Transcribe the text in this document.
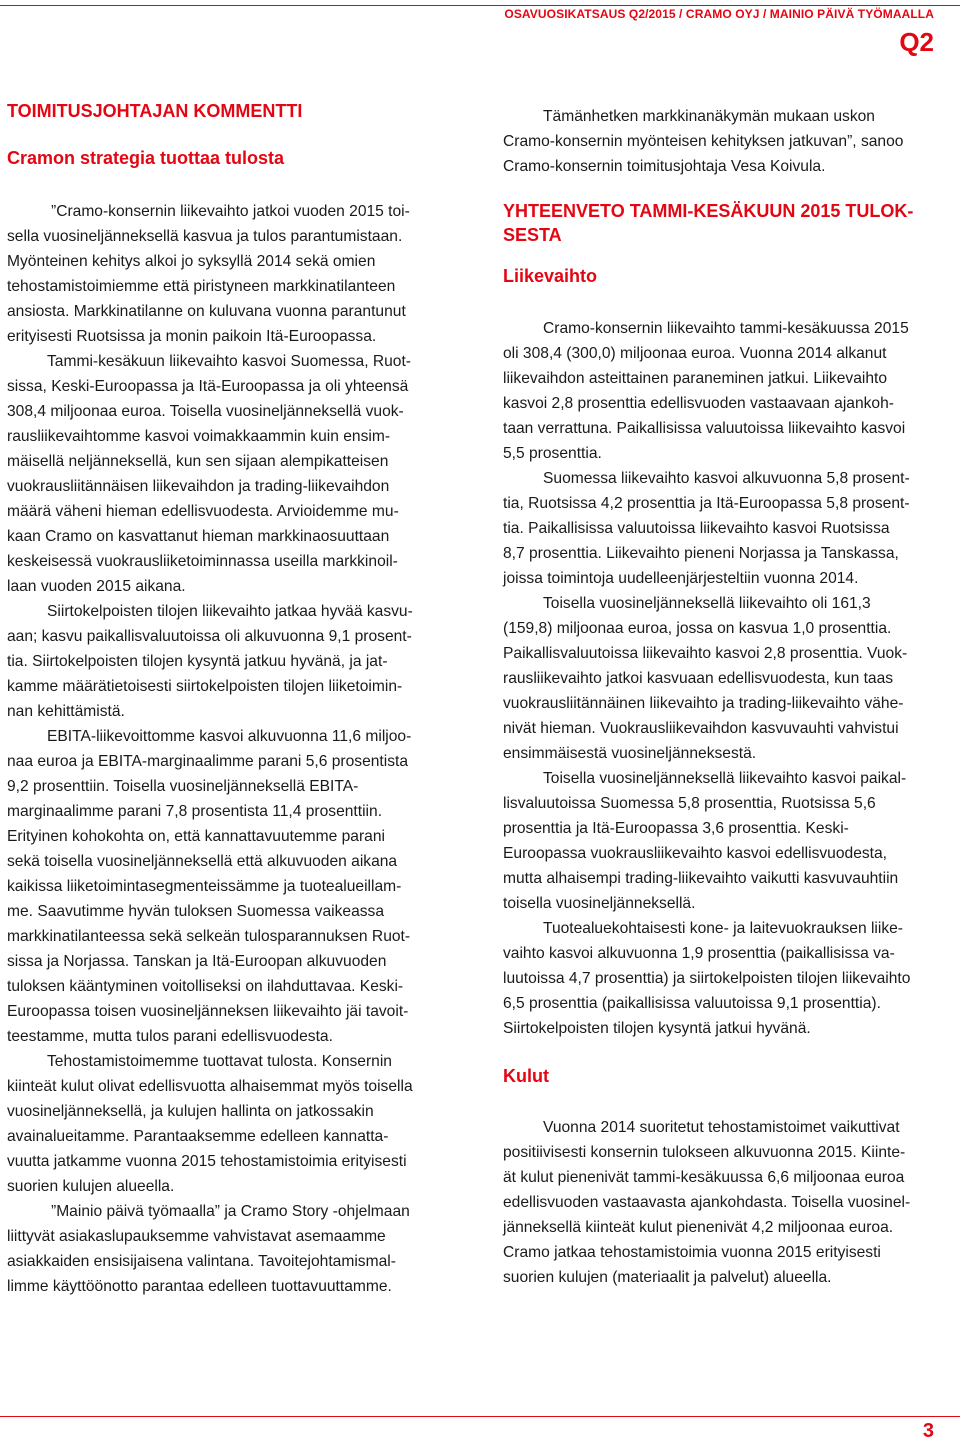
OSAVUOSIKATSAUS Q2/2015 / CRAMO OYJ / MAINIO PÄIVÄ TYÖMAALLA
Q2
TOIMITUSJOHTAJAN KOMMENTTI
Cramon strategia tuottaa tulosta
”Cramo-konsernin liikevaihto jatkoi vuoden 2015 toi-
sella vuosineljänneksellä kasvua ja tulos parantumistaan.
Myönteinen kehitys alkoi jo syksyllä 2014 sekä omien
tehostamistoimiemme että piristyneen markkinatilanteen
ansiosta. Markkinatilanne on kuluvana vuonna parantunut
erityisesti Ruotsissa ja monin paikoin Itä-Euroopassa.
Tammi-kesäkuun liikevaihto kasvoi Suomessa, Ruot-
sissa, Keski-Euroopassa ja Itä-Euroopassa ja oli yhteensä
308,4 miljoonaa euroa. Toisella vuosineljänneksellä vuok-
rausliikevaihtomme kasvoi voimakkaammin kuin ensim-
mäisellä neljänneksellä, kun sen sijaan alempikatteisen
vuokrausliitännäisen liikevaihdon ja trading-liikevaihdon
määrä väheni hieman edellisvuodesta. Arvioidemme mu-
kaan Cramo on kasvattanut hieman markkinaosuuttaan
keskeisessä vuokrausliiketoiminnassa useilla markkinoil-
laan vuoden 2015 aikana.
Siirtokelpoisten tilojen liikevaihto jatkaa hyvää kasvu-
aan; kasvu paikallisvaluutoissa oli alkuvuonna 9,1 prosent-
tia. Siirtokelpoisten tilojen kysyntä jatkuu hyvänä, ja jat-
kamme määrätietoisesti siirtokelpoisten tilojen liiketoimin-
nan kehittämistä.
EBITA-liikevoittomme kasvoi alkuvuonna 11,6 miljoo-
naa euroa ja EBITA-marginaalimme parani 5,6 prosentista
9,2 prosenttiin. Toisella vuosineljänneksellä EBITA-
marginaalimme parani 7,8 prosentista 11,4 prosenttiin.
Erityinen kohokohta on, että kannattavuutemme parani
sekä toisella vuosineljänneksellä että alkuvuoden aikana
kaikissa liiketoimintasegmenteissämme ja tuotealueillam-
me. Saavutimme hyvän tuloksen Suomessa vaikeassa
markkinatilanteessa sekä selkeän tulosparannuksen Ruot-
sissa ja Norjassa. Tanskan ja Itä-Euroopan alkuvuoden
tuloksen kääntyminen voitolliseksi on ilahduttavaa. Keski-
Euroopassa toisen vuosineljänneksen liikevaihto jäi tavoit-
teestamme, mutta tulos parani edellisvuodesta.
Tehostamistoimemme tuottavat tulosta. Konsernin
kiinteät kulut olivat edellisvuotta alhaisemmat myös toisella
vuosineljänneksellä, ja kulujen hallinta on jatkossakin
avainalueitamme. Parantaaksemme edelleen kannatta-
vuutta jatkamme vuonna 2015 tehostamistoimia erityisesti
suorien kulujen alueella.
”Mainio päivä työmaalla” ja Cramo Story -ohjelmaan
liittyvät asiakaslupauksemme vahvistavat asemaamme
asiakkaiden ensisijaisena valintana. Tavoitejohtamismal-
limme käyttöönotto parantaa edelleen tuottavuuttamme.
Tämänhetken markkinanäkymän mukaan uskon
Cramo-konsernin myönteisen kehityksen jatkuvan”, sanoo
Cramo-konsernin toimitusjohtaja Vesa Koivula.
YHTEENVETO TAMMI-KESÄKUUN 2015 TULOK-
SESTA
Liikevaihto
Cramo-konsernin liikevaihto tammi-kesäkuussa 2015
oli 308,4 (300,0) miljoonaa euroa. Vuonna 2014 alkanut
liikevaihdon asteittainen paraneminen jatkui. Liikevaihto
kasvoi 2,8 prosenttia edellisvuoden vastaavaan ajankoh-
taan verrattuna. Paikallisissa valuutoissa liikevaihto kasvoi
5,5 prosenttia.
Suomessa liikevaihto kasvoi alkuvuonna 5,8 prosent-
tia, Ruotsissa 4,2 prosenttia ja Itä-Euroopassa 5,8 prosent-
tia. Paikallisissa valuutoissa liikevaihto kasvoi Ruotsissa
8,7 prosenttia. Liikevaihto pieneni Norjassa ja Tanskassa,
joissa toimintoja uudelleenjärjesteltiin vuonna 2014.
Toisella vuosineljänneksellä liikevaihto oli 161,3
(159,8) miljoonaa euroa, jossa on kasvua 1,0 prosenttia.
Paikallisvaluutoissa liikevaihto kasvoi 2,8 prosenttia. Vuok-
rausliikevaihto jatkoi kasvuaan edellisvuodesta, kun taas
vuokrausliitännäinen liikevaihto ja trading-liikevaihto vähe-
nivät hieman. Vuokrausliikevaihdon kasvuvauhti vahvistui
ensimmäisestä vuosineljänneksestä.
Toisella vuosineljänneksellä liikevaihto kasvoi paikal-
lisvaluutoissa Suomessa 5,8 prosenttia, Ruotsissa 5,6
prosenttia ja Itä-Euroopassa 3,6 prosenttia. Keski-
Euroopassa vuokrausliikevaihto kasvoi edellisvuodesta,
mutta alhaisempi trading-liikevaihto vaikutti kasvuvauhtiin
toisella vuosineljänneksellä.
Tuotealuekohtaisesti kone- ja laitevuokrauksen liike-
vaihto kasvoi alkuvuonna 1,9 prosenttia (paikallisissa va-
luutoissa 4,7 prosenttia) ja siirtokelpoisten tilojen liikevaihto
6,5 prosenttia (paikallisissa valuutoissa 9,1 prosenttia).
Siirtokelpoisten tilojen kysyntä jatkui hyvänä.
Kulut
Vuonna 2014 suoritetut tehostamistoimet vaikuttivat
positiivisesti konsernin tulokseen alkuvuonna 2015. Kiinte-
ät kulut pienenivät tammi-kesäkuussa 6,6 miljoonaa euroa
edellisvuoden vastaavasta ajankohdasta. Toisella vuosinel-
jänneksellä kiinteät kulut pienenivät 4,2 miljoonaa euroa.
Cramo jatkaa tehostamistoimia vuonna 2015 erityisesti
suorien kulujen (materiaalit ja palvelut) alueella.
3
